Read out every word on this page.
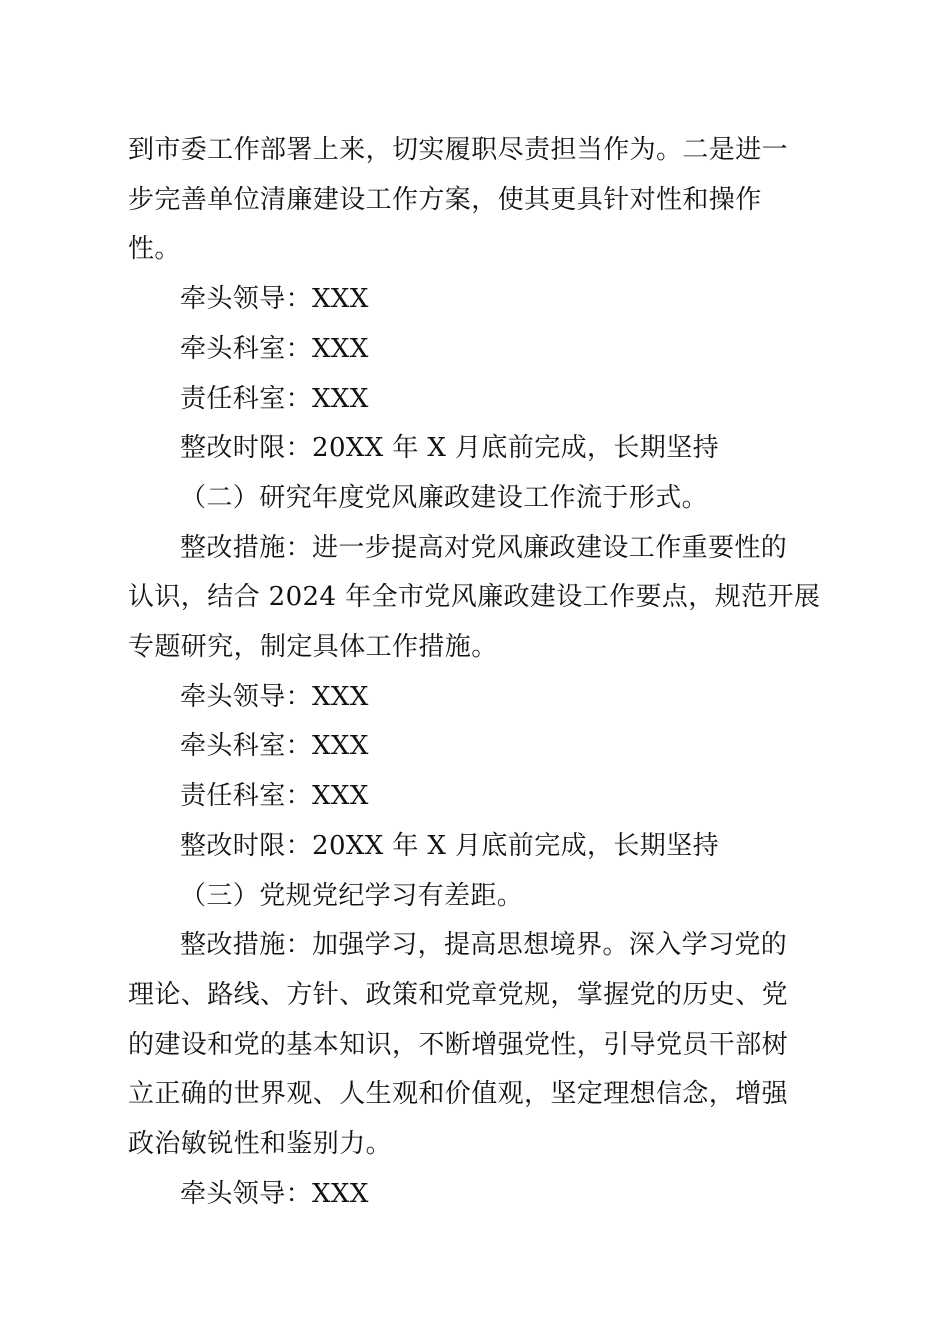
到市委工作部署上来，切实履职尽责担当作为。二是进一
步完善单位清廉建设工作方案，使其更具针对性和操作
性。

牵头领导：XXX

牵头科室：XXX

责任科室：XXX

整改时限：20XX 年 X 月底前完成，长期坚持

（二）研究年度党风廉政建设工作流于形式。

整改措施：进一步提高对党风廉政建设工作重要性的
认识，结合 2024 年全市党风廉政建设工作要点，规范开展
专题研究，制定具体工作措施。

牵头领导：XXX

牵头科室：XXX

责任科室：XXX

整改时限：20XX 年 X 月底前完成，长期坚持

（三）党规党纪学习有差距。

整改措施：加强学习，提高思想境界。深入学习党的
理论、路线、方针、政策和党章党规，掌握党的历史、党
的建设和党的基本知识，不断增强党性，引导党员干部树
立正确的世界观、人生观和价值观，坚定理想信念，增强
政治敏锐性和鉴别力。

牵头领导：XXX
